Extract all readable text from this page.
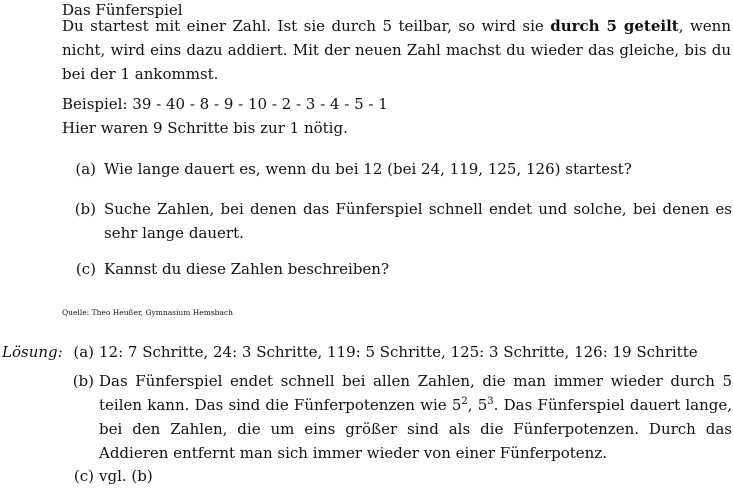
Das Fünferspiel
Du startest mit einer Zahl. Ist sie durch 5 teilbar, so wird sie durch 5 geteilt, wenn nicht, wird eins dazu addiert. Mit der neuen Zahl machst du wieder das gleiche, bis du bei der 1 ankommst.
Beispiel: 39 - 40 - 8 - 9 - 10 - 2 - 3 - 4 - 5 - 1
Hier waren 9 Schritte bis zur 1 nötig.
(a) Wie lange dauert es, wenn du bei 12 (bei 24, 119, 125, 126) startest?
(b) Suche Zahlen, bei denen das Fünferspiel schnell endet und solche, bei denen es sehr lange dauert.
(c) Kannst du diese Zahlen beschreiben?
Quelle: Theo Heußer, Gymnasium Hemsbach
Lösung: (a) 12: 7 Schritte, 24: 3 Schritte, 119: 5 Schritte, 125: 3 Schritte, 126: 19 Schritte
(b) Das Fünferspiel endet schnell bei allen Zahlen, die man immer wieder durch 5 teilen kann. Das sind die Fünferpotenzen wie $5^2$, $5^3$. Das Fünferspiel dauert lange, bei den Zahlen, die um eins größer sind als die Fünferpotenzen. Durch das Addieren entfernt man sich immer wieder von einer Fünferpotenz.
(c) vgl. (b)
